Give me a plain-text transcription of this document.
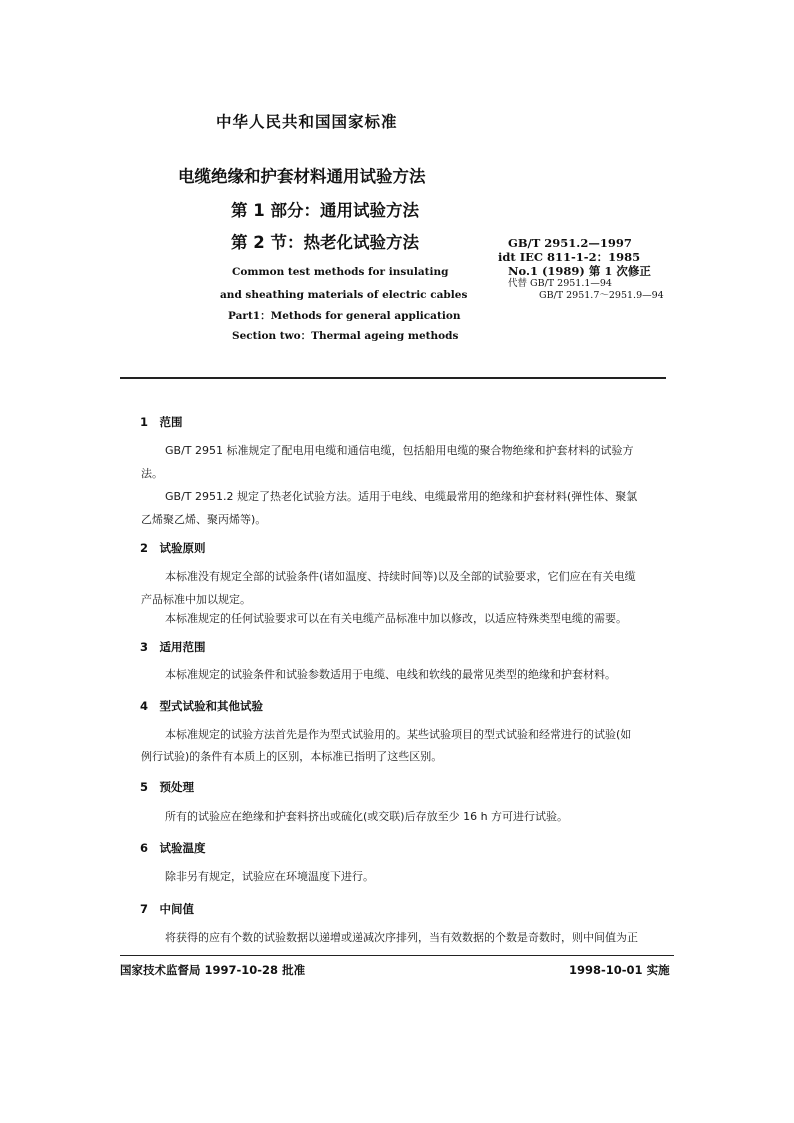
中华人民共和国国家标准
电缆绝缘和护套材料通用试验方法
第 1 部分：通用试验方法
第 2 节：热老化试验方法
Common test methods for insulating
and sheathing materials of electric cables
Part1：Methods for general application
Section two：Thermal ageing methods
GB/T 2951.2—1997
idt IEC 811-1-2：1985
No.1 (1989) 第 1 次修正
代替 GB/T 2951.1—94
GB/T 2951.7～2951.9—94
1　范围
GB/T 2951 标准规定了配电用电缆和通信电缆，包括船用电缆的聚合物绝缘和护套材料的试验方
法。
GB/T 2951.2 规定了热老化试验方法。适用于电线、电缆最常用的绝缘和护套材料(弹性体、聚氯
乙烯聚乙烯、聚丙烯等)。
2　试验原则
本标准没有规定全部的试验条件(诸如温度、持续时间等)以及全部的试验要求，它们应在有关电缆
产品标准中加以规定。
本标准规定的任何试验要求可以在有关电缆产品标准中加以修改，以适应特殊类型电缆的需要。
3　适用范围
本标准规定的试验条件和试验参数适用于电缆、电线和软线的最常见类型的绝缘和护套材料。
4　型式试验和其他试验
本标准规定的试验方法首先是作为型式试验用的。某些试验项目的型式试验和经常进行的试验(如
例行试验)的条件有本质上的区别，本标准已指明了这些区别。
5　预处理
所有的试验应在绝缘和护套料挤出或硫化(或交联)后存放至少 16 h 方可进行试验。
6　试验温度
除非另有规定，试验应在环境温度下进行。
7　中间值
将获得的应有个数的试验数据以递增或递减次序排列，当有效数据的个数是奇数时，则中间值为正
国家技术监督局 1997-10-28 批准	1998-10-01 实施
